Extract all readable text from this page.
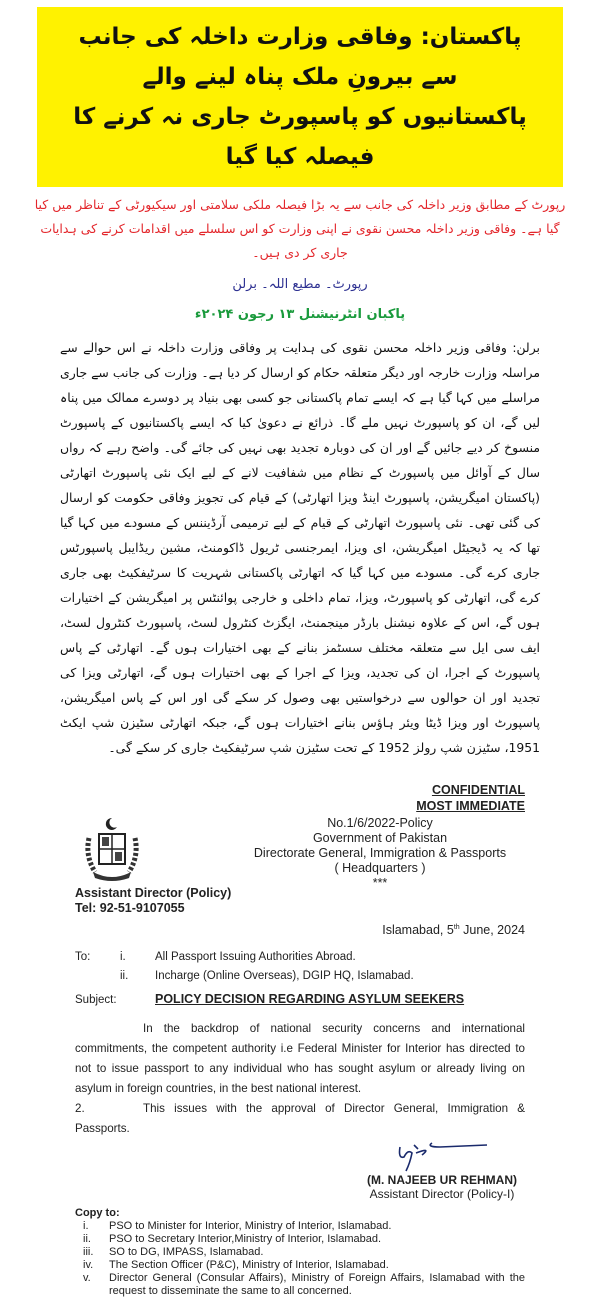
پاکستان: وفاقی وزارت داخلہ کی جانب سے بیرونِ ملک پناہ لینے والے
پاکستانیوں کو پاسپورٹ جاری نہ کرنے کا فیصلہ کیا گیا
رپورٹ کے مطابق وزیر داخلہ کی جانب سے یہ بڑا فیصلہ ملکی سلامتی اور سیکیورٹی کے تناظر میں کیا گیا ہے۔ وفاقی وزیر داخلہ محسن نقوی نے اپنی وزارت کو اس سلسلے میں اقدامات کرنے کی ہدایات جاری کر دی ہیں۔
رپورٹ۔ مطیع اللہ۔ برلن
پاکبان انٹرنیشنل ۱۳ رجون ۲۰۲۴ء
برلن: وفاقی وزیر داخلہ محسن نقوی کی ہدایت پر وفاقی وزارت داخلہ نے اس حوالے سے مراسلہ وزارت خارجہ اور دیگر متعلقہ حکام کو ارسال کر دیا ہے۔ وزارت کی جانب سے جاری مراسلے میں کہا گیا ہے کہ ایسے تمام پاکستانی جو کسی بھی بنیاد پر دوسرے ممالک میں پناہ لیں گے، ان کو پاسپورٹ نہیں ملے گا۔ ذرائع نے دعویٰ کیا کہ ایسے پاکستانیوں کے پاسپورٹ منسوخ کر دیے جائیں گے اور ان کی دوبارہ تجدید بھی نہیں کی جائے گی۔ واضح رہے کہ رواں سال کے آوائل میں پاسپورٹ کے نظام میں شفافیت لانے کے لیے ایک نئی پاسپورٹ اتھارٹی (پاکستان امیگریشن، پاسپورٹ اینڈ ویزا اتھارٹی) کے قیام کی تجویز وفاقی حکومت کو ارسال کی گئی تھی۔ نئی پاسپورٹ اتھارٹی کے قیام کے لیے ترمیمی آرڈیننس کے مسودے میں کہا گیا تھا کہ یہ ڈیجیٹل امیگریشن، ای ویزا، ایمرجنسی ٹریول ڈاکومنٹ، مشین ریڈایبل پاسپورٹس جاری کرے گی۔ مسودے میں کہا گیا کہ اتھارٹی پاکستانی شہریت کا سرٹیفکیٹ بھی جاری کرے گی، اتھارٹی کو پاسپورٹ، ویزا، تمام داخلی و خارجی پوائنٹس پر امیگریشن کے اختیارات ہوں گے، اس کے علاوہ نیشنل بارڈر مینجمنٹ، ایگزٹ کنٹرول لسٹ، پاسپورٹ کنٹرول لسٹ، ایف سی ایل سے متعلقہ مختلف سسٹمز بنانے کے بھی اختیارات ہوں گے۔ اتھارٹی کے پاس پاسپورٹ کے اجرا، ان کی تجدید، ویزا کے اجرا کے بھی اختیارات ہوں گے، اتھارٹی ویزا کی تجدید اور ان حوالوں سے درخواستیں بھی وصول کر سکے گی اور اس کے پاس امیگریشن، پاسپورٹ اور ویزا ڈیٹا ویئر ہاؤس بنانے اختیارات ہوں گے، جبکہ اتھارٹی سٹیزن شپ ایکٹ 1951، سٹیزن شپ رولز 1952 کے تحت سٹیزن شپ سرٹیفکیٹ جاری کر سکے گی۔
CONFIDENTIAL
MOST IMMEDIATE
Assistant Director (Policy)
Tel: 92-51-9107055
No.1/6/2022-Policy
Government of Pakistan
Directorate General, Immigration & Passports
( Headquarters )
***
Islamabad, 5th June, 2024
To:	i.	All Passport Issuing Authorities Abroad.
ii.	Incharge (Online Overseas), DGIP HQ, Islamabad.
Subject:	POLICY DECISION REGARDING ASYLUM SEEKERS
In the backdrop of national security concerns and international commitments, the competent authority i.e Federal Minister for Interior has directed to not to issue passport to any individual who has sought asylum or already living on asylum in foreign countries, in the best national interest.
2.	This issues with the approval of Director General, Immigration & Passports.
(M. NAJEEB UR REHMAN)
Assistant Director (Policy-I)
Copy to:
i.	PSO to Minister for Interior, Ministry of Interior, Islamabad.
ii.	PSO to Secretary Interior,Ministry of Interior, Islamabad.
iii.	SO to DG, IMPASS, Islamabad.
iv.	The Section Officer (P&C), Ministry of Interior, Islamabad.
v.	Director General (Consular Affairs), Ministry of Foreign Affairs, Islamabad with the request to disseminate the same to all concerned.
